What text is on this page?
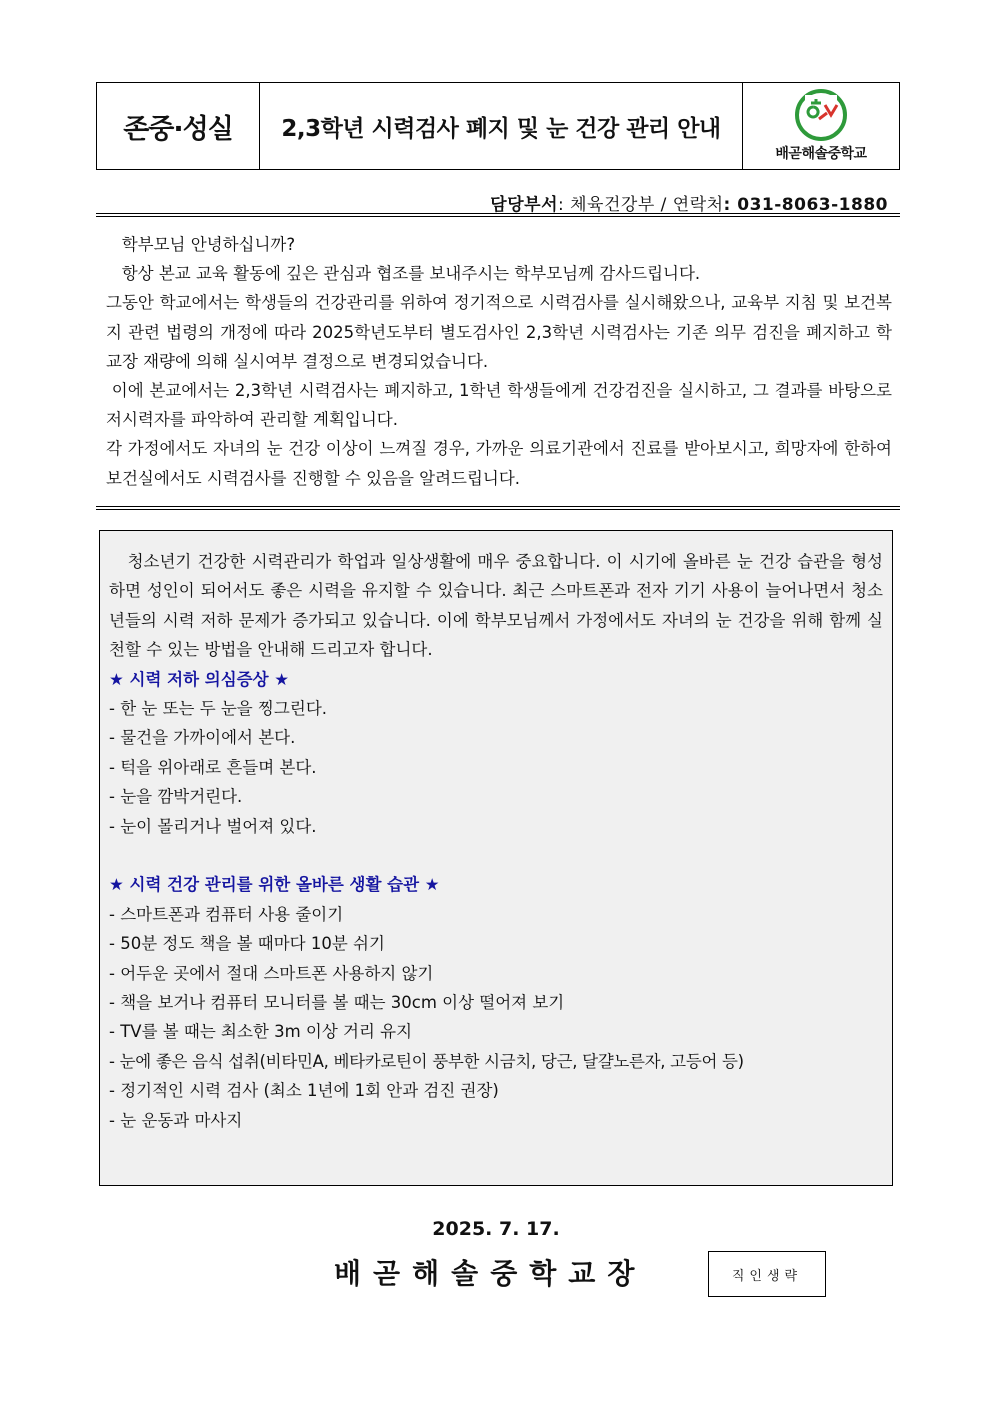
존중·성실	2,3학년 시력검사 폐지 및 눈 건강 관리 안내
배곧해솔중학교
담당부서: 체육건강부 / 연락처: 031-8063-1880

학부모님 안녕하십니까?

항상 본교 교육 활동에 깊은 관심과 협조를 보내주시는 학부모님께 감사드립니다.

그동안 학교에서는 학생들의 건강관리를 위하여 정기적으로 시력검사를 실시해왔으나, 교육부 지침 및 보건복지 관련 법령의 개정에 따라 2025학년도부터 별도검사인 2,3학년 시력검사는 기존 의무 검진을 폐지하고 학교장 재량에 의해 실시여부 결정으로 변경되었습니다.

이에 본교에서는 2,3학년 시력검사는 폐지하고, 1학년 학생들에게 건강검진을 실시하고, 그 결과를 바탕으로 저시력자를 파악하여 관리할 계획입니다.

각 가정에서도 자녀의 눈 건강 이상이 느껴질 경우, 가까운 의료기관에서 진료를 받아보시고, 희망자에 한하여 보건실에서도 시력검사를 진행할 수 있음을 알려드립니다.

청소년기 건강한 시력관리가 학업과 일상생활에 매우 중요합니다. 이 시기에 올바른 눈 건강 습관을 형성하면 성인이 되어서도 좋은 시력을 유지할 수 있습니다. 최근 스마트폰과 전자 기기 사용이 늘어나면서 청소년들의 시력 저하 문제가 증가되고 있습니다. 이에 학부모님께서 가정에서도 자녀의 눈 건강을 위해 함께 실천할 수 있는 방법을 안내해 드리고자 합니다.

★ 시력 저하 의심증상 ★

- 한 눈 또는 두 눈을 찡그린다.

- 물건을 가까이에서 본다.

- 턱을 위아래로 흔들며 본다.

- 눈을 깜박거린다.

- 눈이 몰리거나 벌어져 있다.

★ 시력 건강 관리를 위한 올바른 생활 습관 ★

- 스마트폰과 컴퓨터 사용 줄이기

- 50분 정도 책을 볼 때마다 10분 쉬기

- 어두운 곳에서 절대 스마트폰 사용하지 않기

- 책을 보거나 컴퓨터 모니터를 볼 때는 30cm 이상 떨어져 보기

- TV를 볼 때는 최소한 3m 이상 거리 유지

- 눈에 좋은 음식 섭취(비타민A, 베타카로틴이 풍부한 시금치, 당근, 달걀노른자, 고등어 등)

- 정기적인 시력 검사 (최소 1년에 1회 안과 검진 권장)

- 눈 운동과 마사지

2025. 7. 17.
배곧해솔중학교장	직인생략
